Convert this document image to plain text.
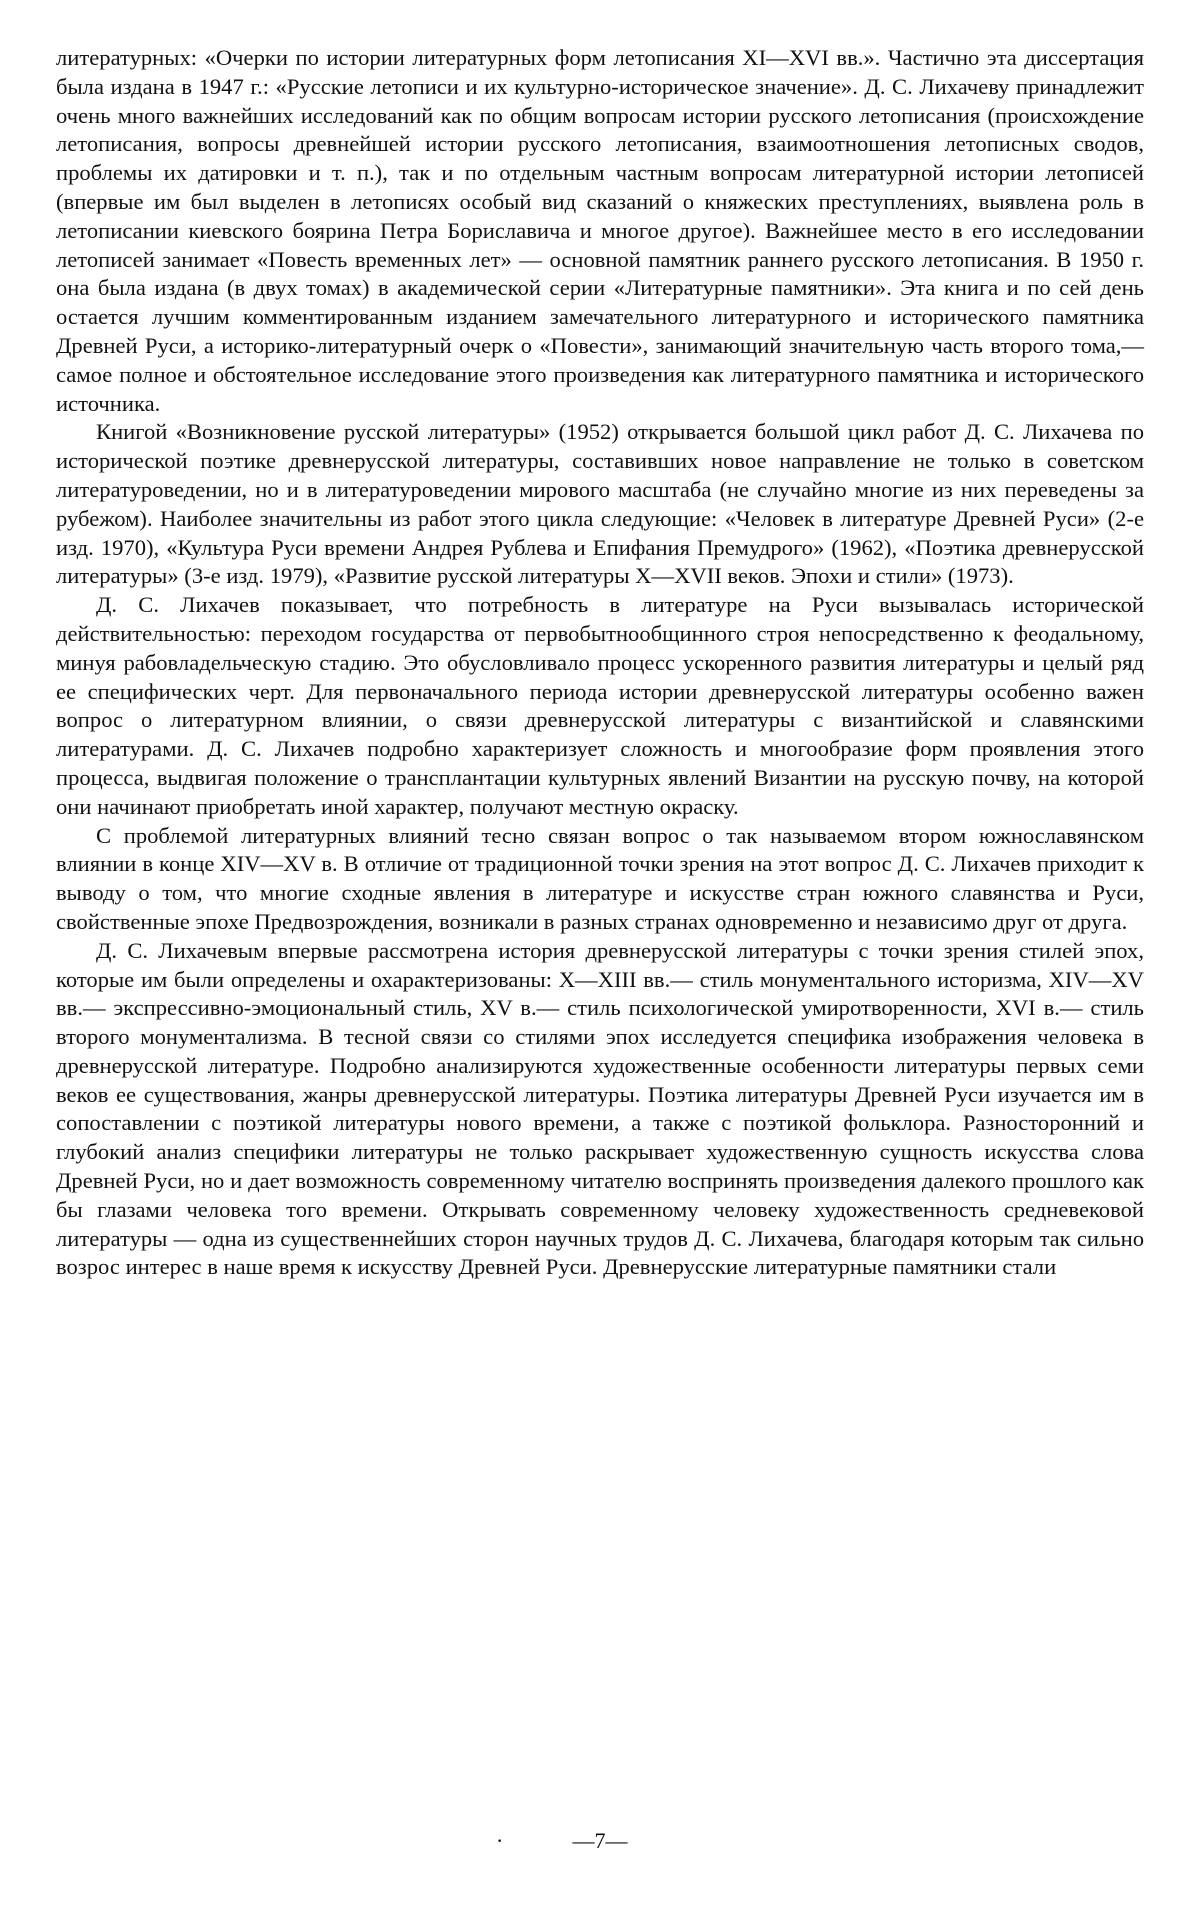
литературных: «Очерки по истории литературных форм летописания XI—XVI вв.». Частично эта диссертация была издана в 1947 г.: «Русские летописи и их культурно-историческое значение». Д. С. Лихачеву принадлежит очень много важнейших исследований как по общим вопросам истории русского летописания (происхождение летописания, вопросы древнейшей истории русского летописания, взаимоотношения летописных сводов, проблемы их датировки и т. п.), так и по отдельным частным вопросам литературной истории летописей (впервые им был выделен в летописях особый вид сказаний о княжеских преступлениях, выявлена роль в летописании киевского боярина Петра Бориславича и многое другое). Важнейшее место в его исследовании летописей занимает «Повесть временных лет» — основной памятник раннего русского летописания. В 1950 г. она была издана (в двух томах) в академической серии «Литературные памятники». Эта книга и по сей день остается лучшим комментированным изданием замечательного литературного и исторического памятника Древней Руси, а историко-литературный очерк о «Повести», занимающий значительную часть второго тома,— самое полное и обстоятельное исследование этого произведения как литературного памятника и исторического источника.

Книгой «Возникновение русской литературы» (1952) открывается большой цикл работ Д. С. Лихачева по исторической поэтике древнерусской литературы, составивших новое направление не только в советском литературоведении, но и в литературоведении мирового масштаба (не случайно многие из них переведены за рубежом). Наиболее значительны из работ этого цикла следующие: «Человек в литературе Древней Руси» (2-е изд. 1970), «Культура Руси времени Андрея Рублева и Епифания Премудрого» (1962), «Поэтика древнерусской литературы» (3-е изд. 1979), «Развитие русской литературы X—XVII веков. Эпохи и стили» (1973).

Д. С. Лихачев показывает, что потребность в литературе на Руси вызывалась исторической действительностью: переходом государства от первобытнообщинного строя непосредственно к феодальному, минуя рабовладельческую стадию. Это обусловливало процесс ускоренного развития литературы и целый ряд ее специфических черт. Для первоначального периода истории древнерусской литературы особенно важен вопрос о литературном влиянии, о связи древнерусской литературы с византийской и славянскими литературами. Д. С. Лихачев подробно характеризует сложность и многообразие форм проявления этого процесса, выдвигая положение о трансплантации культурных явлений Византии на русскую почву, на которой они начинают приобретать иной характер, получают местную окраску.

С проблемой литературных влияний тесно связан вопрос о так называемом втором южнославянском влиянии в конце XIV—XV в. В отличие от традиционной точки зрения на этот вопрос Д. С. Лихачев приходит к выводу о том, что многие сходные явления в литературе и искусстве стран южного славянства и Руси, свойственные эпохе Предвозрождения, возникали в разных странах одновременно и независимо друг от друга.

Д. С. Лихачевым впервые рассмотрена история древнерусской литературы с точки зрения стилей эпох, которые им были определены и охарактеризованы: X—XIII вв.— стиль монументального историзма, XIV—XV вв.— экспрессивно-эмоциональный стиль, XV в.— стиль психологической умиротворенности, XVI в.— стиль второго монументализма. В тесной связи со стилями эпох исследуется специфика изображения человека в древнерусской литературе. Подробно анализируются художественные особенности литературы первых семи веков ее существования, жанры древнерусской литературы. Поэтика литературы Древней Руси изучается им в сопоставлении с поэтикой литературы нового времени, а также с поэтикой фольклора. Разносторонний и глубокий анализ специфики литературы не только раскрывает художественную сущность искусства слова Древней Руси, но и дает возможность современному читателю воспринять произведения далекого прошлого как бы глазами человека того времени. Открывать современному человеку художественность средневековой литературы — одна из существеннейших сторон научных трудов Д. С. Лихачева, благодаря которым так сильно возрос интерес в наше время к искусству Древней Руси. Древнерусские литературные памятники стали

·	—7—
